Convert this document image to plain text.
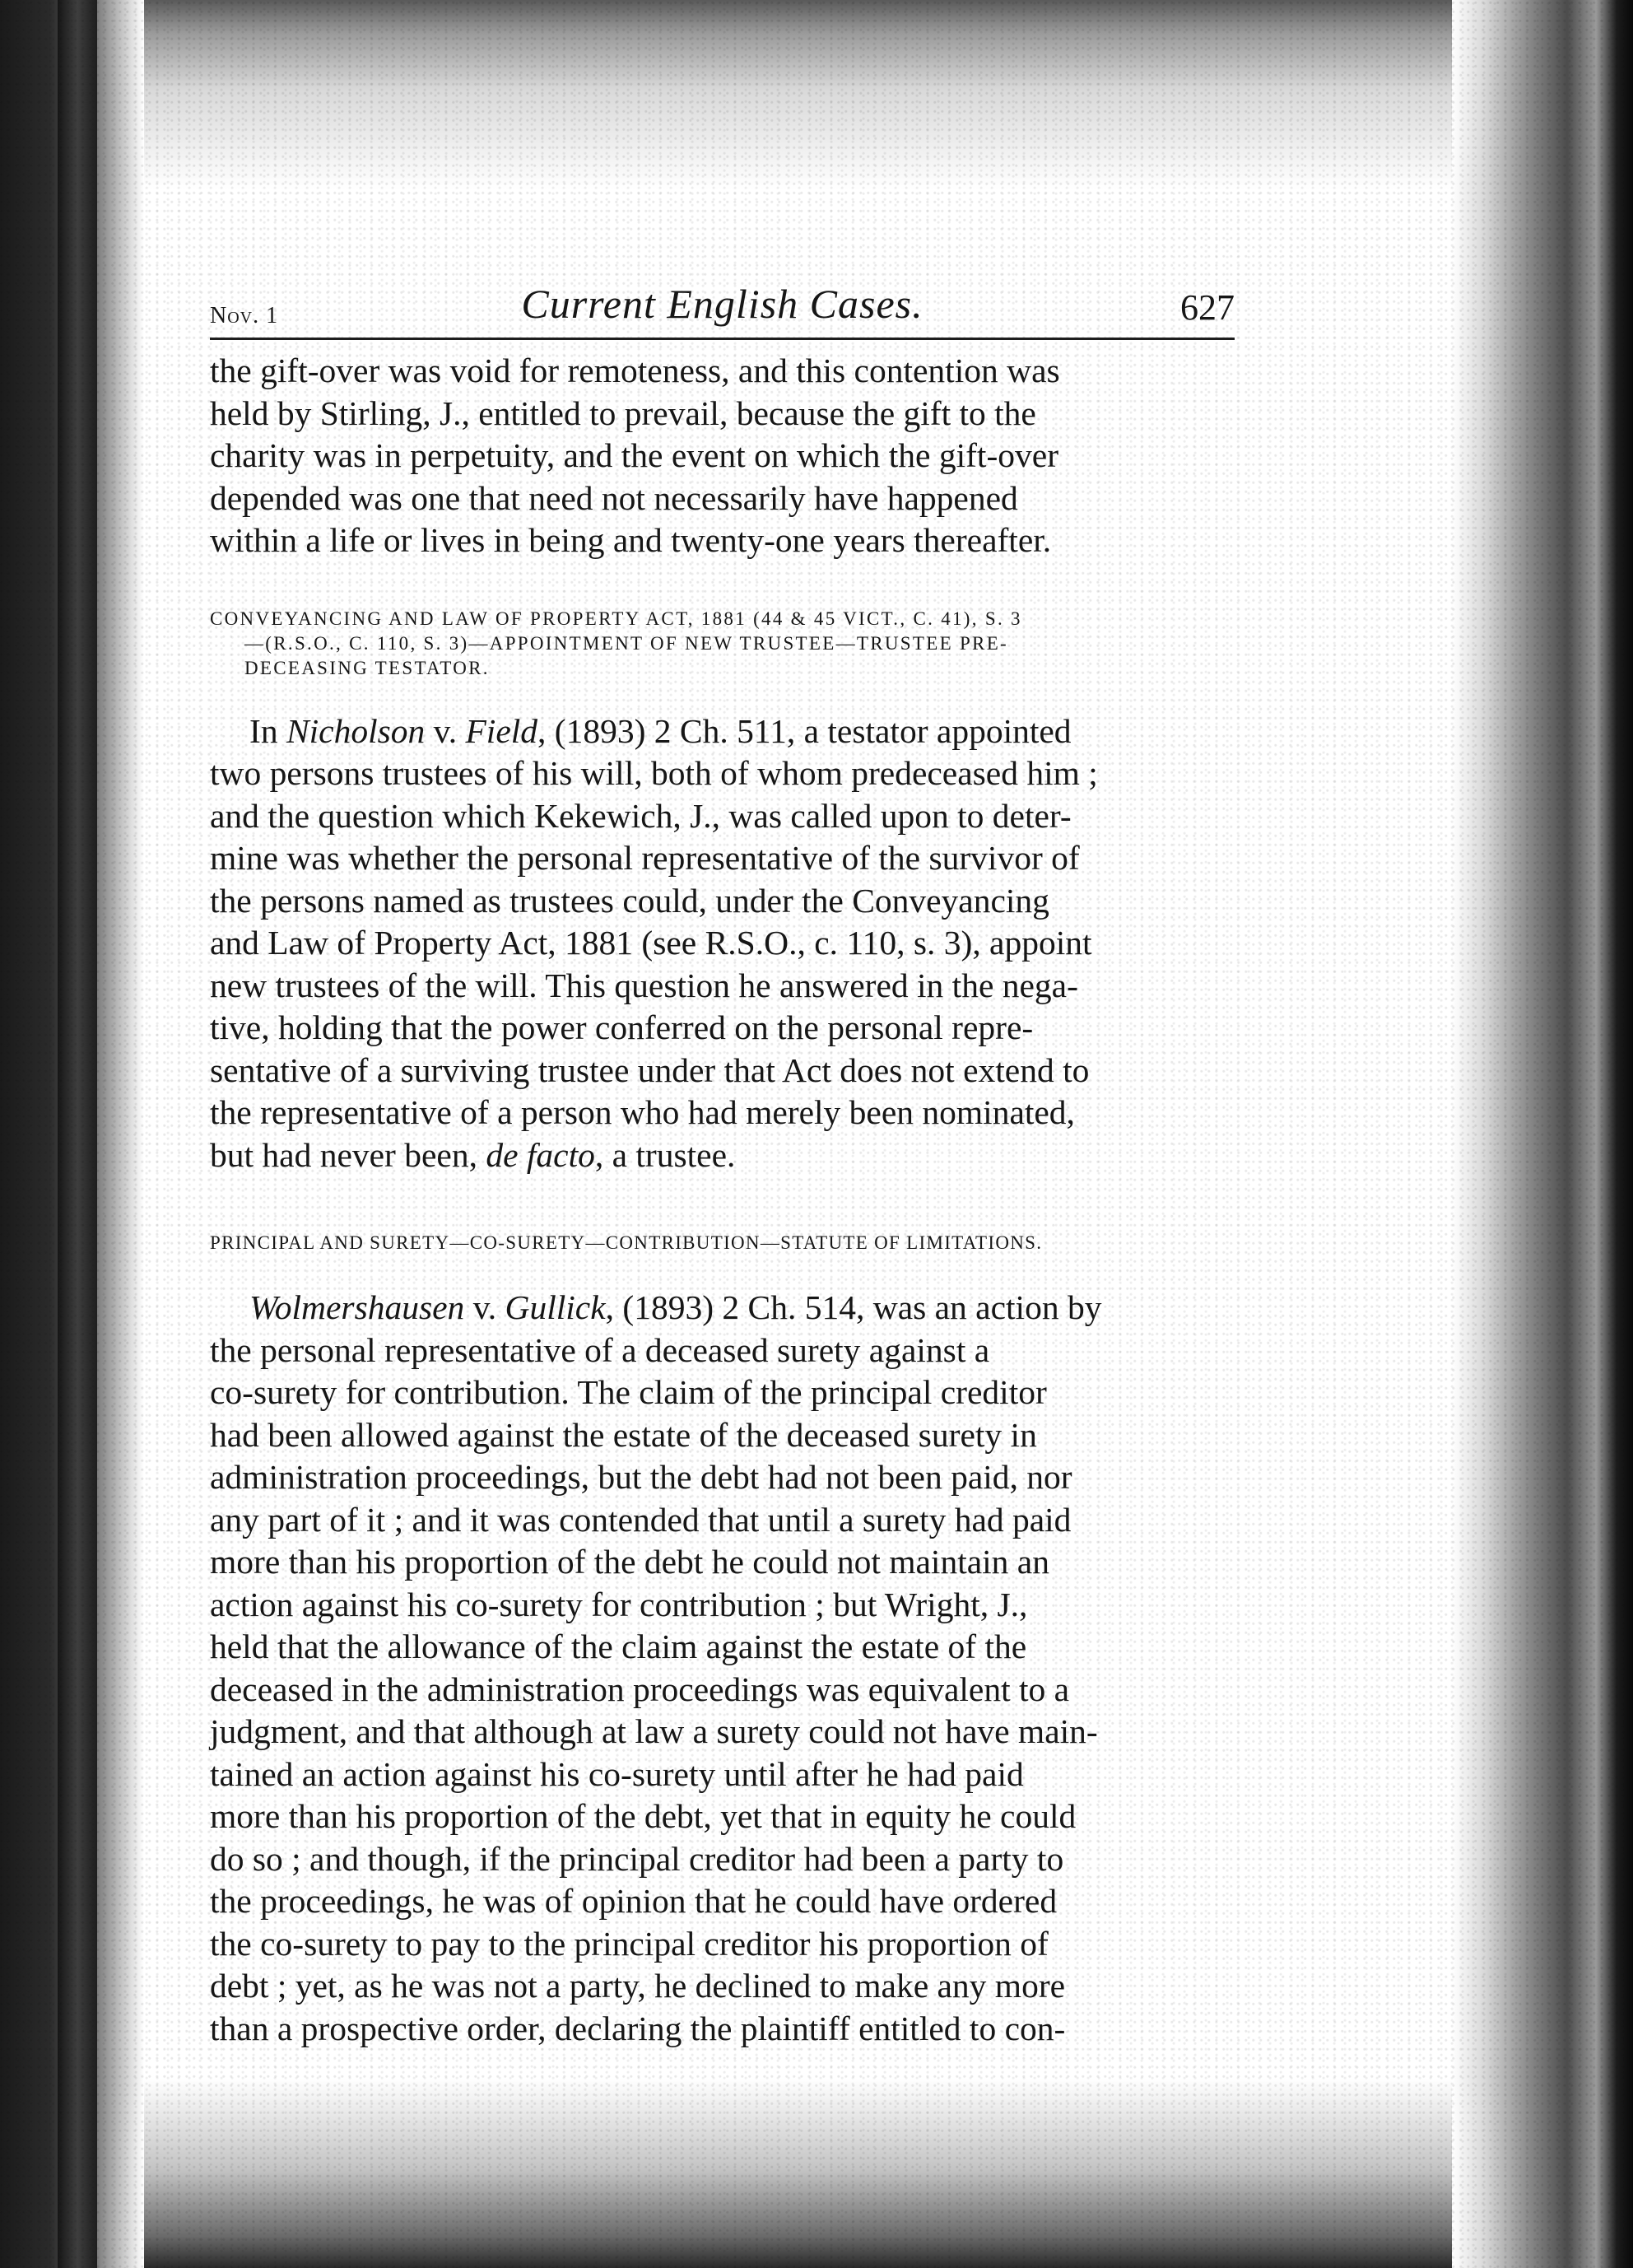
Nov. 1	Current English Cases.	627

the gift-over was void for remoteness, and this contention was
held by Stirling, J., entitled to prevail, because the gift to the
charity was in perpetuity, and the event on which the gift-over
depended was one that need not necessarily have happened
within a life or lives in being and twenty-one years thereafter.

CONVEYANCING AND LAW OF PROPERTY ACT, 1881 (44 & 45 VICT., C. 41), S. 3
—(R.S.O., C. 110, S. 3)—APPOINTMENT OF NEW TRUSTEE—TRUSTEE PRE-
DECEASING TESTATOR.

In Nicholson v. Field, (1893) 2 Ch. 511, a testator appointed
two persons trustees of his will, both of whom predeceased him ;
and the question which Kekewich, J., was called upon to deter-
mine was whether the personal representative of the survivor of
the persons named as trustees could, under the Conveyancing
and Law of Property Act, 1881 (see R.S.O., c. 110, s. 3), appoint
new trustees of the will. This question he answered in the nega-
tive, holding that the power conferred on the personal repre-
sentative of a surviving trustee under that Act does not extend to
the representative of a person who had merely been nominated,
but had never been, de facto, a trustee.

PRINCIPAL AND SURETY—CO-SURETY—CONTRIBUTION—STATUTE OF LIMITATIONS.

Wolmershausen v. Gullick, (1893) 2 Ch. 514, was an action by
the personal representative of a deceased surety against a
co-surety for contribution. The claim of the principal creditor
had been allowed against the estate of the deceased surety in
administration proceedings, but the debt had not been paid, nor
any part of it ; and it was contended that until a surety had paid
more than his proportion of the debt he could not maintain an
action against his co-surety for contribution ; but Wright, J.,
held that the allowance of the claim against the estate of the
deceased in the administration proceedings was equivalent to a
judgment, and that although at law a surety could not have main-
tained an action against his co-surety until after he had paid
more than his proportion of the debt, yet that in equity he could
do so ; and though, if the principal creditor had been a party to
the proceedings, he was of opinion that he could have ordered
the co-surety to pay to the principal creditor his proportion of
debt ; yet, as he was not a party, he declined to make any more
than a prospective order, declaring the plaintiff entitled to con-
